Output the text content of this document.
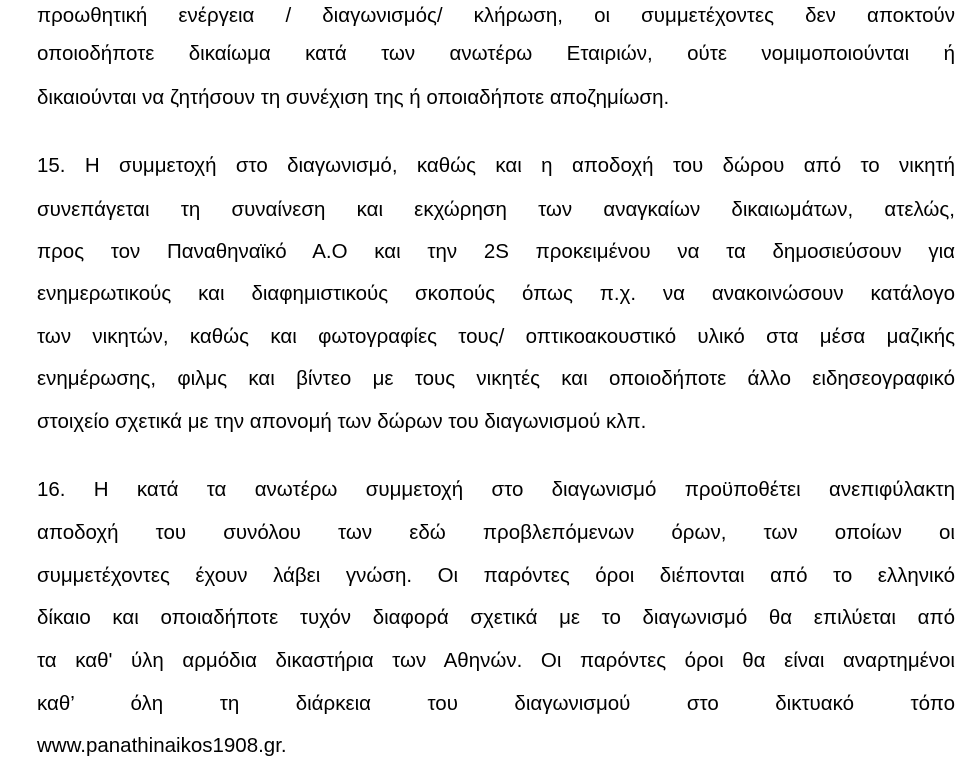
προωθητική ενέργεια / διαγωνισμός/ κλήρωση, οι συμμετέχοντες δεν αποκτούν
οποιοδήποτε δικαίωμα κατά των ανωτέρω Εταιριών, ούτε νομιμοποιούνται ή
δικαιούνται να ζητήσουν τη συνέχιση της ή οποιαδήποτε αποζημίωση.
15. Η συμμετοχή στο διαγωνισμό, καθώς και η αποδοχή του δώρου από το νικητή
συνεπάγεται τη συναίνεση και εκχώρηση των αναγκαίων δικαιωμάτων, ατελώς,
προς τον Παναθηναϊκό Α.Ο και την 2S προκειμένου να τα δημοσιεύσουν για
ενημερωτικούς και διαφημιστικούς σκοπούς όπως π.χ. να ανακοινώσουν κατάλογο
των νικητών, καθώς και φωτογραφίες τους/ οπτικοακουστικό υλικό στα μέσα μαζικής
ενημέρωσης, φιλμς και βίντεο με τους νικητές και οποιοδήποτε άλλο ειδησεογραφικό
στοιχείο σχετικά με την απονομή των δώρων του διαγωνισμού κλπ.
16. Η κατά τα ανωτέρω συμμετοχή στο διαγωνισμό προϋποθέτει ανεπιφύλακτη
αποδοχή του συνόλου των εδώ προβλεπόμενων όρων, των οποίων οι
συμμετέχοντες έχουν λάβει γνώση. Οι παρόντες όροι διέπονται από το ελληνικό
δίκαιο και οποιαδήποτε τυχόν διαφορά σχετικά με το διαγωνισμό θα επιλύεται από
τα καθ' ύλη αρμόδια δικαστήρια των Αθηνών. Οι παρόντες όροι θα είναι αναρτημένοι
καθ’ όλη τη διάρκεια του διαγωνισμού στο δικτυακό τόπο
www.panathinaikos1908.gr.
